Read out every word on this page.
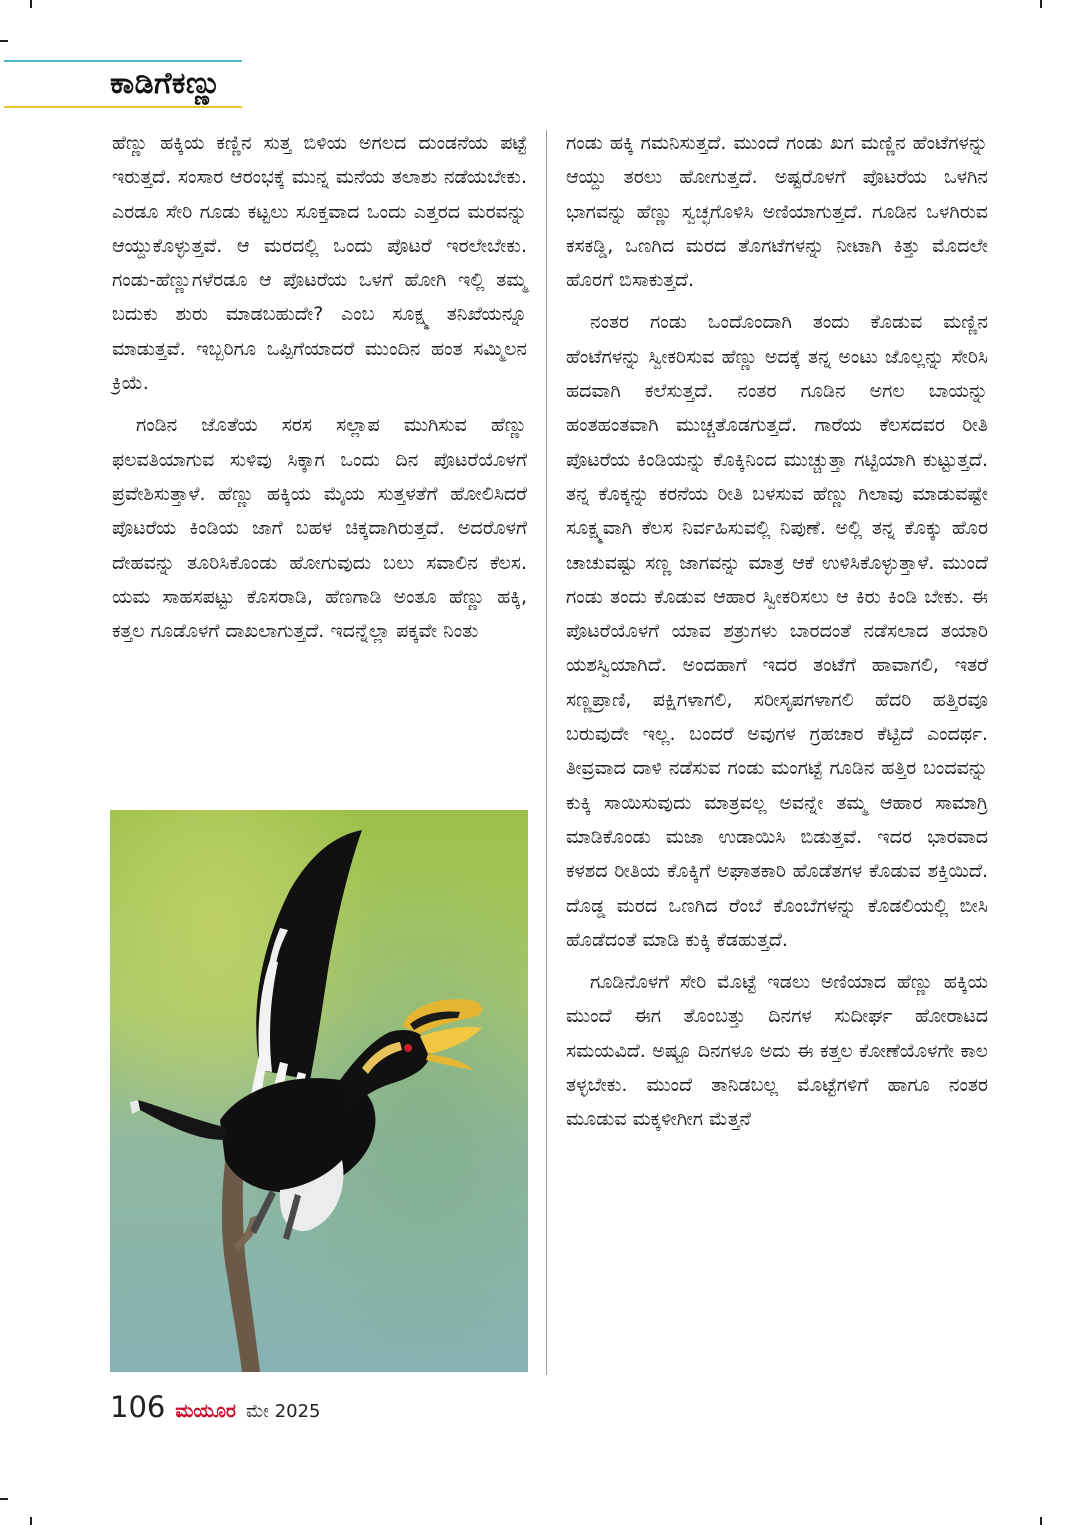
ಕಾಡಿಗೆಕಣ್ಣು

ಹೆಣ್ಣು ಹಕ್ಕಿಯ ಕಣ್ಣಿನ ಸುತ್ತ ಬಿಳಿಯ ಅಗಲದ ದುಂಡನೆಯ ಪಟ್ಟೆ ಇರುತ್ತದೆ. ಸಂಸಾರ ಆರಂಭಕ್ಕೆ ಮುನ್ನ ಮನೆಯ ತಲಾಶು ನಡೆಯಬೇಕು. ಎರಡೂ ಸೇರಿ ಗೂಡು ಕಟ್ಟಲು ಸೂಕ್ತವಾದ ಒಂದು ಎತ್ತರದ ಮರವನ್ನು ಆಯ್ದುಕೊಳ್ಳುತ್ತವೆ. ಆ ಮರದಲ್ಲಿ ಒಂದು ಪೊಟರೆ ಇರಲೇಬೇಕು. ಗಂಡು-ಹೆಣ್ಣುಗಳೆರಡೂ ಆ ಪೊಟರೆಯ ಒಳಗೆ ಹೋಗಿ ಇಲ್ಲಿ ತಮ್ಮ ಬದುಕು ಶುರು ಮಾಡಬಹುದೇ? ಎಂಬ ಸೂಕ್ಷ್ಮ ತನಿಖೆಯನ್ನೂ ಮಾಡುತ್ತವೆ. ಇಬ್ಬರಿಗೂ ಒಪ್ಪಿಗೆಯಾದರೆ ಮುಂದಿನ ಹಂತ ಸಮ್ಮಿಲನ ಕ್ರಿಯೆ.

ಗಂಡಿನ ಜೊತೆಯ ಸರಸ ಸಲ್ಲಾಪ ಮುಗಿಸುವ ಹೆಣ್ಣು ಫಲವತಿಯಾಗುವ ಸುಳಿವು ಸಿಕ್ಕಾಗ ಒಂದು ದಿನ ಪೊಟರೆಯೊಳಗೆ ಪ್ರವೇಶಿಸುತ್ತಾಳೆ. ಹೆಣ್ಣು ಹಕ್ಕಿಯ ಮೈಯ ಸುತ್ತಳತೆಗೆ ಹೋಲಿಸಿದರೆ ಪೊಟರೆಯ ಕಿಂಡಿಯ ಜಾಗೆ ಬಹಳ ಚಿಕ್ಕದಾಗಿರುತ್ತದೆ. ಅದರೊಳಗೆ ದೇಹವನ್ನು ತೂರಿಸಿಕೊಂಡು ಹೋಗುವುದು ಬಲು ಸವಾಲಿನ ಕೆಲಸ. ಯಮ ಸಾಹಸಪಟ್ಟು ಕೊಸರಾಡಿ, ಹೆಣಗಾಡಿ ಅಂತೂ ಹೆಣ್ಣು ಹಕ್ಕಿ, ಕತ್ತಲ ಗೂಡೊಳಗೆ ದಾಖಲಾಗುತ್ತದೆ. ಇದನ್ನೆಲ್ಲಾ ಪಕ್ಕವೇ ನಿಂತು

ಗಂಡು ಹಕ್ಕಿ ಗಮನಿಸುತ್ತದೆ. ಮುಂದೆ ಗಂಡು ಖಗ ಮಣ್ಣಿನ ಹೆಂಟೆಗಳನ್ನು ಆಯ್ದು ತರಲು ಹೋಗುತ್ತದೆ. ಅಷ್ಟರೊಳಗೆ ಪೊಟರೆಯ ಒಳಗಿನ ಭಾಗವನ್ನು ಹೆಣ್ಣು ಸ್ವಚ್ಛಗೊಳಿಸಿ ಅಣಿಯಾಗುತ್ತದೆ. ಗೂಡಿನ ಒಳಗಿರುವ ಕಸಕಡ್ಡಿ, ಒಣಗಿದ ಮರದ ತೊಗಟೆಗಳನ್ನು ನೀಟಾಗಿ ಕಿತ್ತು ಮೊದಲೇ ಹೊರಗೆ ಬಿಸಾಕುತ್ತದೆ.

ನಂತರ ಗಂಡು ಒಂದೊಂದಾಗಿ ತಂದು ಕೊಡುವ ಮಣ್ಣಿನ ಹೆಂಟೆಗಳನ್ನು ಸ್ವೀಕರಿಸುವ ಹೆಣ್ಣು ಅದಕ್ಕೆ ತನ್ನ ಅಂಟು ಜೊಲ್ಲನ್ನು ಸೇರಿಸಿ ಹದವಾಗಿ ಕಲೆಸುತ್ತದೆ. ನಂತರ ಗೂಡಿನ ಅಗಲ ಬಾಯನ್ನು ಹಂತಹಂತವಾಗಿ ಮುಚ್ಚತೊಡಗುತ್ತದೆ. ಗಾರೆಯ ಕೆಲಸದವರ ರೀತಿ ಪೊಟರೆಯ ಕಿಂಡಿಯನ್ನು ಕೊಕ್ಕಿನಿಂದ ಮುಚ್ಚುತ್ತಾ ಗಟ್ಟಿಯಾಗಿ ಕುಟ್ಟುತ್ತದೆ. ತನ್ನ ಕೊಕ್ಕನ್ನು ಕರನೆಯ ರೀತಿ ಬಳಸುವ ಹೆಣ್ಣು ಗಿಲಾವು ಮಾಡುವಷ್ಟೇ ಸೂಕ್ಷ್ಮವಾಗಿ ಕೆಲಸ ನಿರ್ವಹಿಸುವಲ್ಲಿ ನಿಪುಣೆ. ಅಲ್ಲಿ ತನ್ನ ಕೊಕ್ಕು ಹೊರ ಚಾಚುವಷ್ಟು ಸಣ್ಣ ಜಾಗವನ್ನು ಮಾತ್ರ ಆಕೆ ಉಳಿಸಿಕೊಳ್ಳುತ್ತಾಳೆ. ಮುಂದೆ ಗಂಡು ತಂದು ಕೊಡುವ ಆಹಾರ ಸ್ವೀಕರಿಸಲು ಆ ಕಿರು ಕಿಂಡಿ ಬೇಕು. ಈ ಪೊಟರೆಯೊಳಗೆ ಯಾವ ಶತ್ರುಗಳು ಬಾರದಂತೆ ನಡೆಸಲಾದ ತಯಾರಿ ಯಶಸ್ವಿಯಾಗಿದೆ. ಅಂದಹಾಗೆ ಇದರ ತಂಟೆಗೆ ಹಾವಾಗಲಿ, ಇತರೆ ಸಣ್ಣಪ್ರಾಣಿ, ಪಕ್ಷಿಗಳಾಗಲಿ, ಸರೀಸೃಪಗಳಾಗಲಿ ಹೆದರಿ ಹತ್ತಿರವೂ ಬರುವುದೇ ಇಲ್ಲ. ಬಂದರೆ ಅವುಗಳ ಗ್ರಹಚಾರ ಕೆಟ್ಟಿದೆ ಎಂದರ್ಥ. ತೀವ್ರವಾದ ದಾಳಿ ನಡೆಸುವ ಗಂಡು ಮಂಗಟ್ಟೆ ಗೂಡಿನ ಹತ್ತಿರ ಬಂದವನ್ನು ಕುಕ್ಕಿ ಸಾಯಿಸುವುದು ಮಾತ್ರವಲ್ಲ ಅವನ್ನೇ ತಮ್ಮ ಆಹಾರ ಸಾಮಾಗ್ರಿ ಮಾಡಿಕೊಂಡು ಮಜಾ ಉಡಾಯಿಸಿ ಬಿಡುತ್ತವೆ. ಇದರ ಭಾರವಾದ ಕಳಶದ ರೀತಿಯ ಕೊಕ್ಕಿಗೆ ಅಘಾತಕಾರಿ ಹೊಡೆತಗಳ ಕೊಡುವ ಶಕ್ತಿಯಿದೆ. ದೊಡ್ಡ ಮರದ ಒಣಗಿದ ರೆಂಬೆ ಕೊಂಬೆಗಳನ್ನು ಕೊಡಲಿಯಲ್ಲಿ ಬೀಸಿ ಹೊಡೆದಂತೆ ಮಾಡಿ ಕುಕ್ಕಿ ಕೆಡಹುತ್ತದೆ.

ಗೂಡಿನೊಳಗೆ ಸೇರಿ ಮೊಟ್ಟೆ ಇಡಲು ಅಣಿಯಾದ ಹೆಣ್ಣು ಹಕ್ಕಿಯ ಮುಂದೆ ಈಗ ತೊಂಬತ್ತು ದಿನಗಳ ಸುದೀರ್ಘ ಹೋರಾಟದ ಸಮಯವಿದೆ. ಅಷ್ಟೂ ದಿನಗಳೂ ಅದು ಈ ಕತ್ತಲ ಕೋಣೆಯೊಳಗೇ ಕಾಲ ತಳ್ಳಬೇಕು. ಮುಂದೆ ತಾನಿಡಬಲ್ಲ ಮೊಟ್ಟೆಗಳಿಗೆ ಹಾಗೂ ನಂತರ ಮೂಡುವ ಮಕ್ಕಳೀಗೀಗ ಮೆತ್ತನೆ

106 ಮಯೂರ ಮೇ 2025
